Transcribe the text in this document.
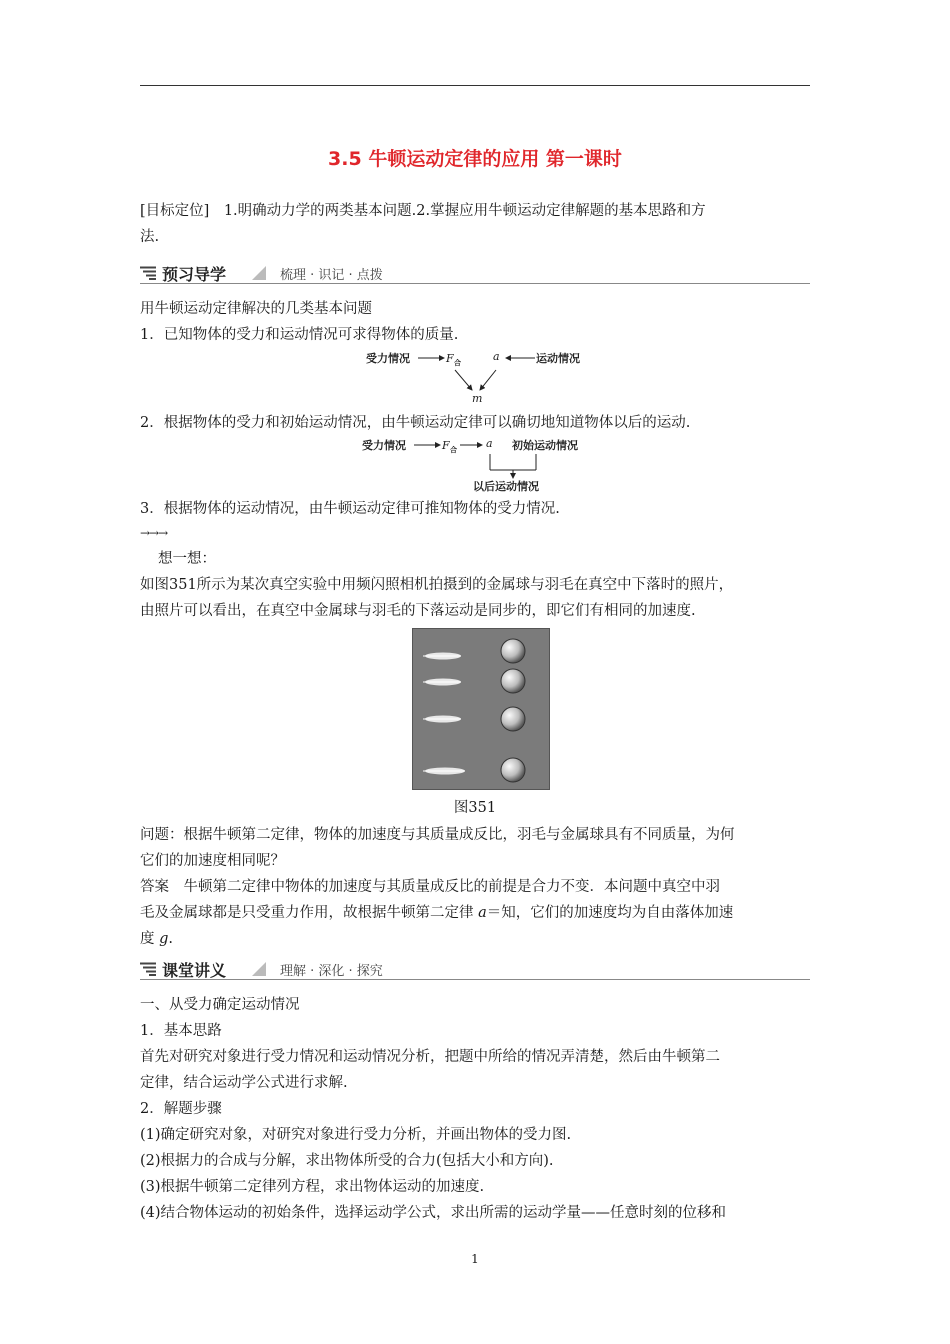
3.5 牛顿运动定律的应用 第一课时
[目标定位]　1.明确动力学的两类基本问题.2.掌握应用牛顿运动定律解题的基本思路和方
法.
预习导学	梳理 · 识记 · 点拨
用牛顿运动定律解决的几类基本问题
1．已知物体的受力和运动情况可求得物体的质量.
受力情况	F 合	a	运动情况
m
2．根据物体的受力和初始运动情况，由牛顿运动定律可以确切地知道物体以后的运动.
受力情况	F 合	a 初始运动情况
以后运动情况
3．根据物体的运动情况，由牛顿运动定律可推知物体的受力情况.
→→→
想一想：
如图351所示为某次真空实验中用频闪照相机拍摄到的金属球与羽毛在真空中下落时的照片，
由照片可以看出，在真空中金属球与羽毛的下落运动是同步的，即它们有相同的加速度.
图351
问题：根据牛顿第二定律，物体的加速度与其质量成反比，羽毛与金属球具有不同质量，为何
它们的加速度相同呢？
答案　牛顿第二定律中物体的加速度与其质量成反比的前提是合力不变．本问题中真空中羽
毛及金属球都是只受重力作用，故根据牛顿第二定律 a＝知，它们的加速度均为自由落体加速
度 g.
课堂讲义	理解 · 深化 · 探究
一、从受力确定运动情况
1．基本思路
首先对研究对象进行受力情况和运动情况分析，把题中所给的情况弄清楚，然后由牛顿第二
定律，结合运动学公式进行求解.
2．解题步骤
(1)确定研究对象，对研究对象进行受力分析，并画出物体的受力图.
(2)根据力的合成与分解，求出物体所受的合力(包括大小和方向).
(3)根据牛顿第二定律列方程，求出物体运动的加速度.
(4)结合物体运动的初始条件，选择运动学公式，求出所需的运动学量——任意时刻的位移和
1
